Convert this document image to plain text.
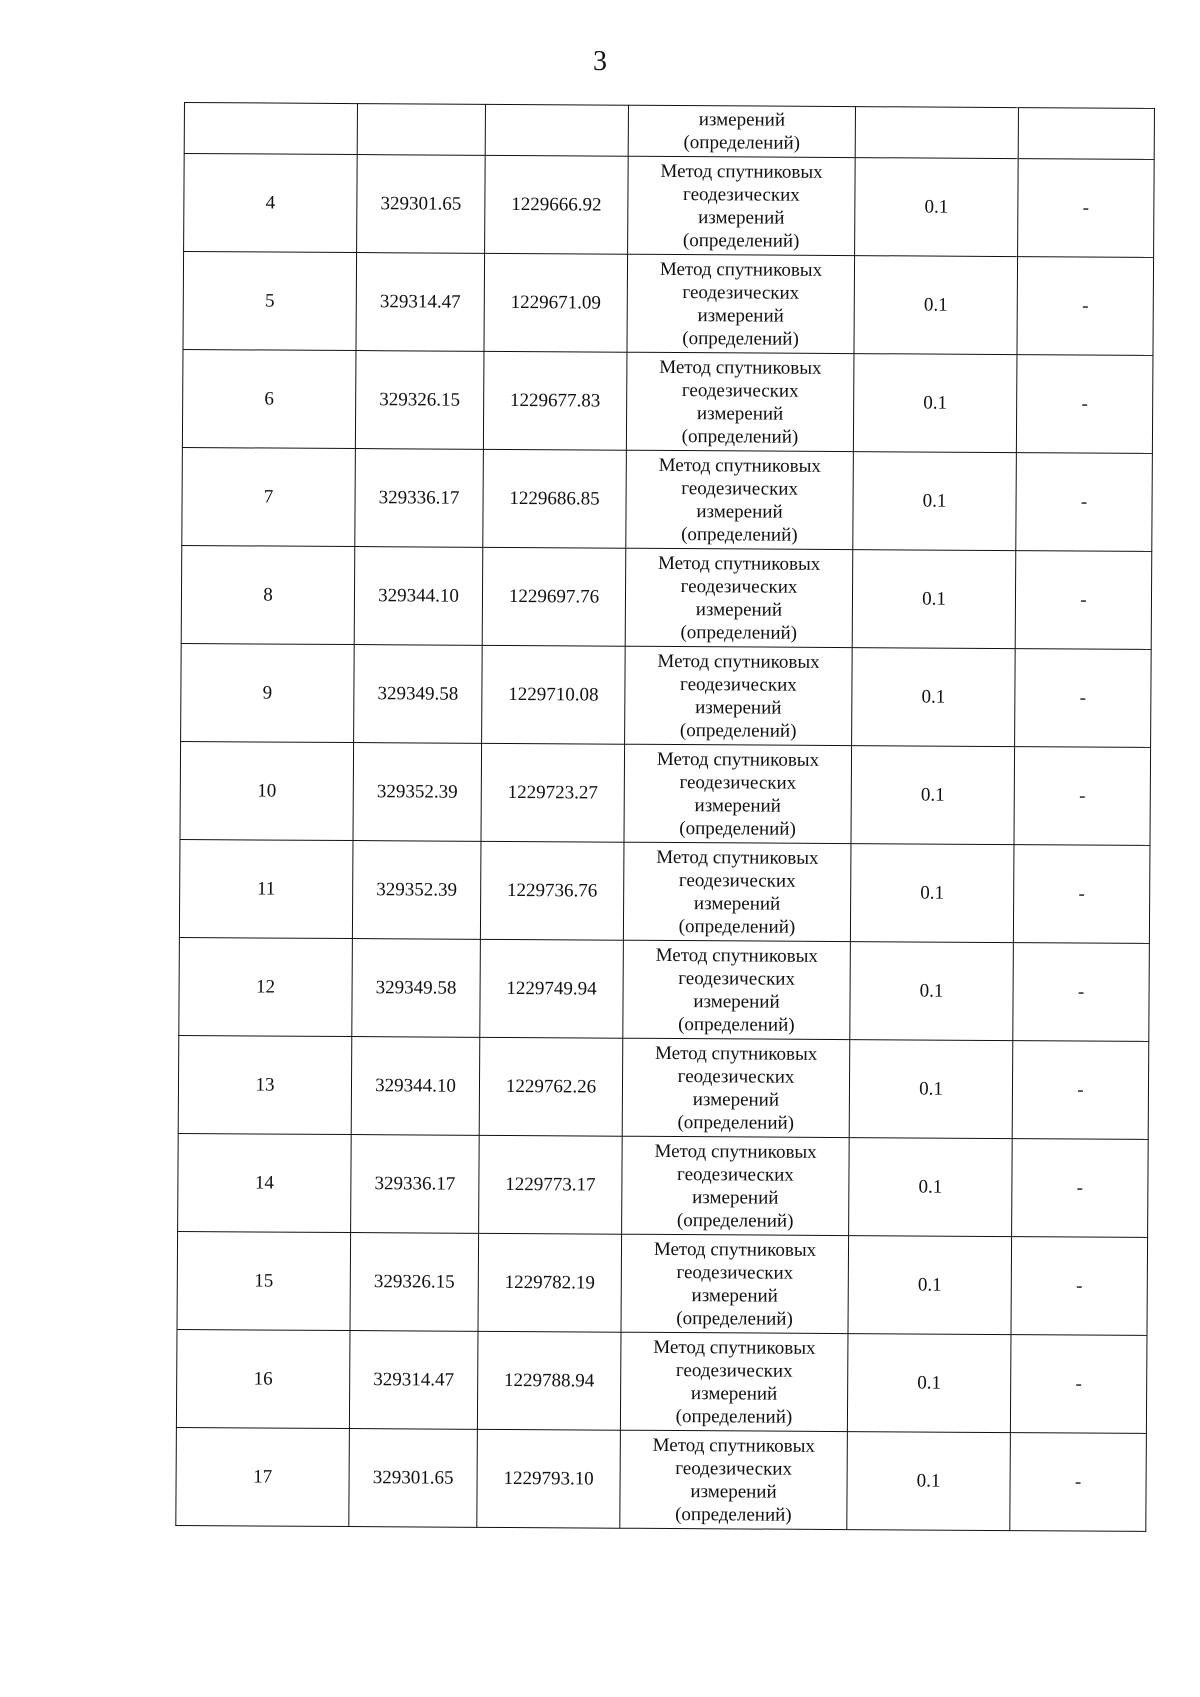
3

			измерений
(определений)		

4	329301.65	1229666.92	Метод спутниковых
геодезических
измерений
(определений)	0.1	-
5	329314.47	1229671.09	Метод спутниковых
геодезических
измерений
(определений)	0.1	-
6	329326.15	1229677.83	Метод спутниковых
геодезических
измерений
(определений)	0.1	-
7	329336.17	1229686.85	Метод спутниковых
геодезических
измерений
(определений)	0.1	-
8	329344.10	1229697.76	Метод спутниковых
геодезических
измерений
(определений)	0.1	-
9	329349.58	1229710.08	Метод спутниковых
геодезических
измерений
(определений)	0.1	-
10	329352.39	1229723.27	Метод спутниковых
геодезических
измерений
(определений)	0.1	-
11	329352.39	1229736.76	Метод спутниковых
геодезических
измерений
(определений)	0.1	-
12	329349.58	1229749.94	Метод спутниковых
геодезических
измерений
(определений)	0.1	-
13	329344.10	1229762.26	Метод спутниковых
геодезических
измерений
(определений)	0.1	-
14	329336.17	1229773.17	Метод спутниковых
геодезических
измерений
(определений)	0.1	-
15	329326.15	1229782.19	Метод спутниковых
геодезических
измерений
(определений)	0.1	-
16	329314.47	1229788.94	Метод спутниковых
геодезических
измерений
(определений)	0.1	-
17	329301.65	1229793.10	Метод спутниковых
геодезических
измерений
(определений)	0.1	-
